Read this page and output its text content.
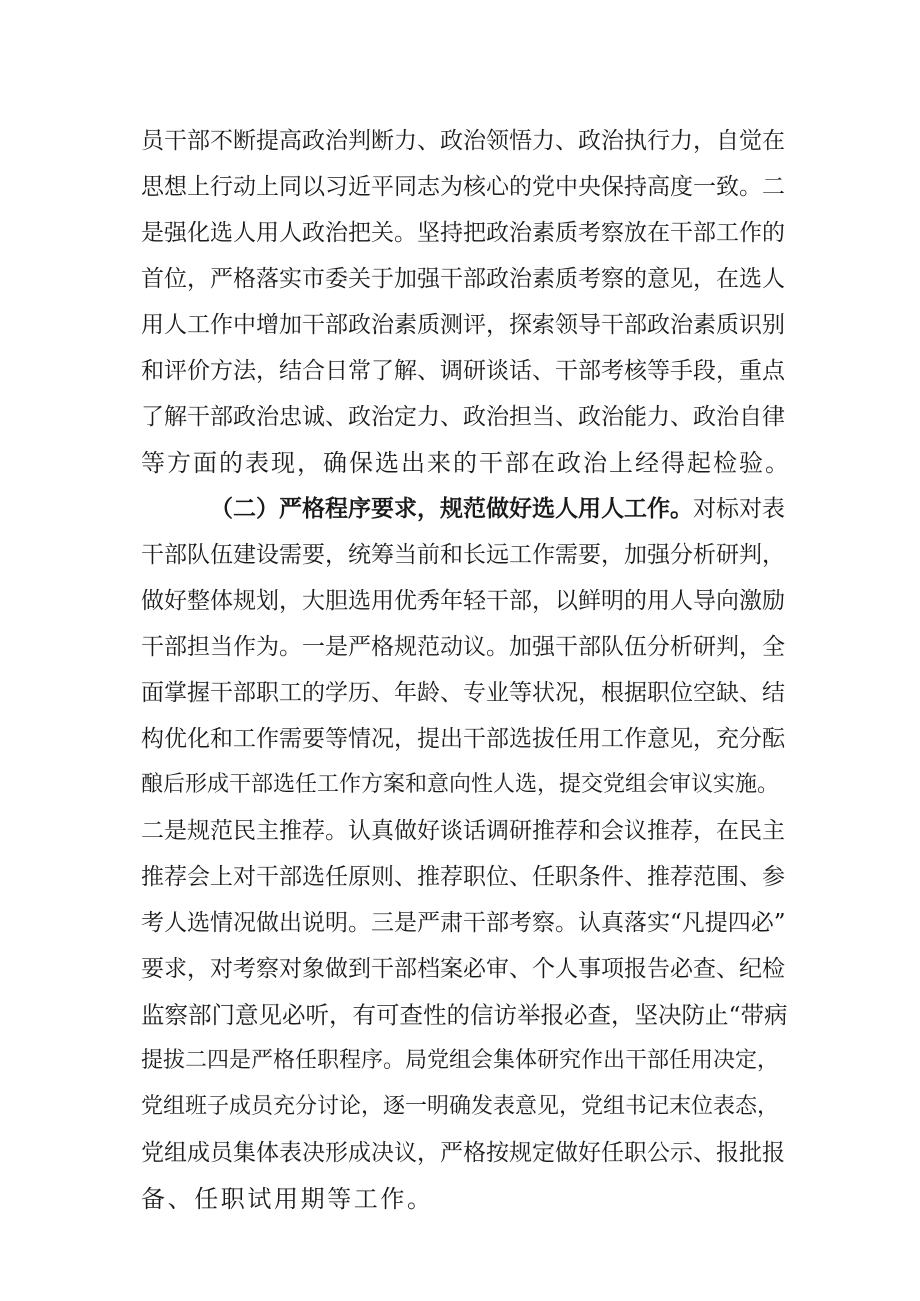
员干部不断提高政治判断力、政治领悟力、政治执行力，自觉在
思想上行动上同以习近平同志为核心的党中央保持高度一致。二
是强化选人用人政治把关。坚持把政治素质考察放在干部工作的
首位，严格落实市委关于加强干部政治素质考察的意见，在选人
用人工作中增加干部政治素质测评，探索领导干部政治素质识别
和评价方法，结合日常了解、调研谈话、干部考核等手段，重点
了解干部政治忠诚、政治定力、政治担当、政治能力、政治自律
等方面的表现，确保选出来的干部在政治上经得起检验。
（二）严格程序要求，规范做好选人用人工作。对标对表
干部队伍建设需要，统筹当前和长远工作需要，加强分析研判，
做好整体规划，大胆选用优秀年轻干部，以鲜明的用人导向激励
干部担当作为。一是严格规范动议。加强干部队伍分析研判，全
面掌握干部职工的学历、年龄、专业等状况，根据职位空缺、结
构优化和工作需要等情况，提出干部选拔任用工作意见，充分酝
酿后形成干部选任工作方案和意向性人选，提交党组会审议实施。
二是规范民主推荐。认真做好谈话调研推荐和会议推荐，在民主
推荐会上对干部选任原则、推荐职位、任职条件、推荐范围、参
考人选情况做出说明。三是严肃干部考察。认真落实“凡提四必”
要求，对考察对象做到干部档案必审、个人事项报告必查、纪检
监察部门意见必听，有可查性的信访举报必查，坚决防止“带病
提拔二四是严格任职程序。局党组会集体研究作出干部任用决定，
党组班子成员充分讨论，逐一明确发表意见，党组书记末位表态，
党组成员集体表决形成决议，严格按规定做好任职公示、报批报
备、任职试用期等工作。
